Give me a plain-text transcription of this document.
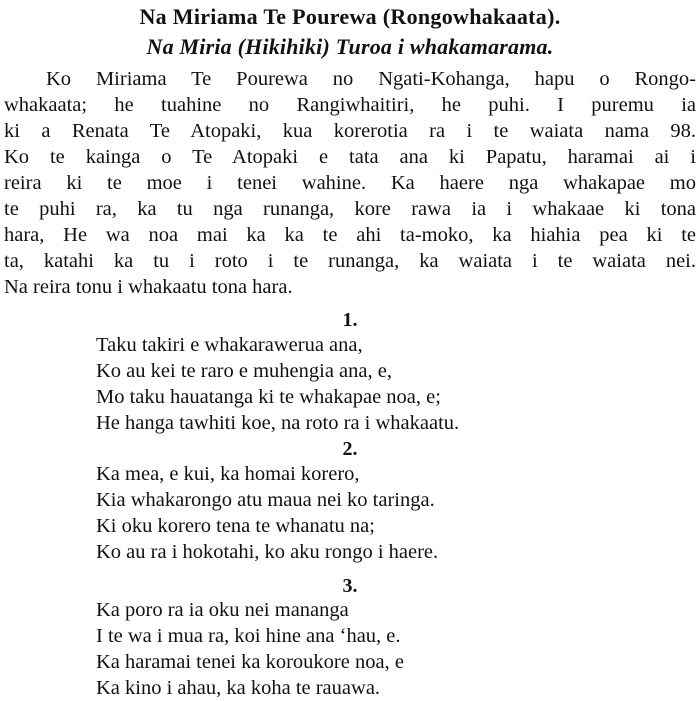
Na Miriama Te Pourewa (Rongowhakaata).
Na Miria (Hikihiki) Turoa i whakamarama.
Ko Miriama Te Pourewa no Ngati-Kohanga, hapu o Rongo-
whakaata; he tuahine no Rangiwhaitiri, he puhi. I puremu ia
ki a Renata Te Atopaki, kua korerotia ra i te waiata nama 98.
Ko te kainga o Te Atopaki e tata ana ki Papatu, haramai ai i
reira ki te moe i tenei wahine. Ka haere nga whakapae mo
te puhi ra, ka tu nga runanga, kore rawa ia i whakaae ki tona
hara, He wa noa mai ka ka te ahi ta-moko, ka hiahia pea ki te
ta, katahi ka tu i roto i te runanga, ka waiata i te waiata nei.
Na reira tonu i whakaatu tona hara.
1.
Taku takiri e whakarawerua ana,
Ko au kei te raro e muhengia ana, e,
Mo taku hauatanga ki te whakapae noa, e;
He hanga tawhiti koe, na roto ra i whakaatu.
2.
Ka mea, e kui, ka homai korero,
Kia whakarongo atu maua nei ko taringa.
Ki oku korero tena te whanatu na;
Ko au ra i hokotahi, ko aku rongo i haere.
3.
Ka poro ra ia oku nei mananga
I te wa i mua ra, koi hine ana ‘hau, e.
Ka haramai tenei ka koroukore noa, e
Ka kino i ahau, ka koha te rauawa.
